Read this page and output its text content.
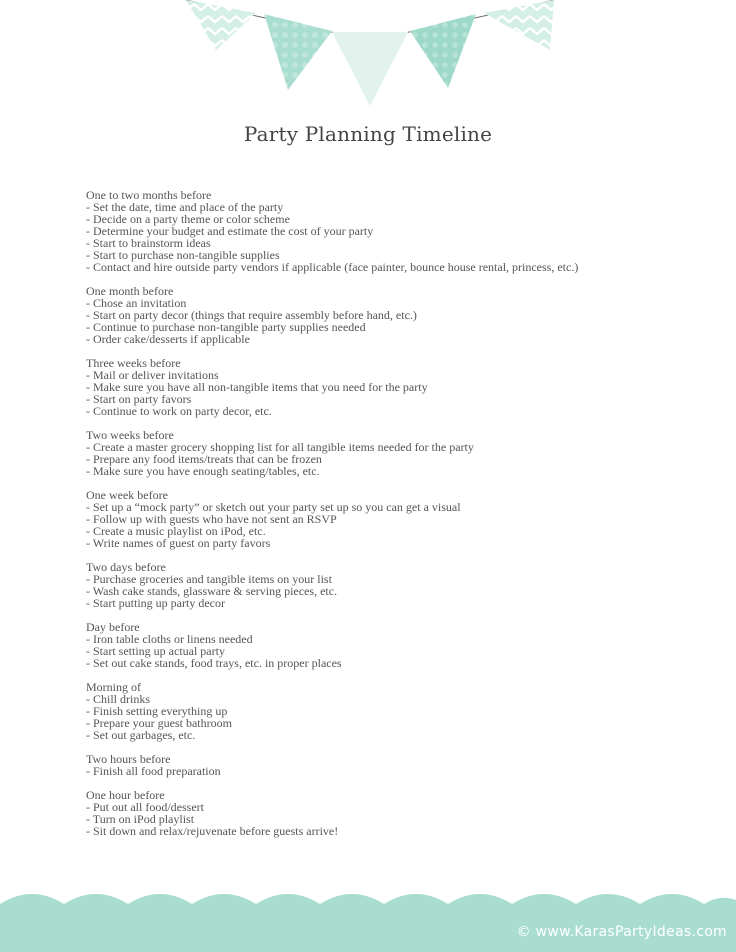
Party Planning Timeline
One to two months before
- Set the date, time and place of the party
- Decide on a party theme or color scheme
- Determine your budget and estimate the cost of your party
- Start to brainstorm ideas
- Start to purchase non-tangible supplies
- Contact and hire outside party vendors if applicable (face painter, bounce house rental, princess, etc.)
One month before
- Chose an invitation
- Start on party decor (things that require assembly before hand, etc.)
- Continue to purchase non-tangible party supplies needed
- Order cake/desserts if applicable
Three weeks before
- Mail or deliver invitations
- Make sure you have all non-tangible items that you need for the party
- Start on party favors
- Continue to work on party decor, etc.
Two weeks before
- Create a master grocery shopping list for all tangible items needed for the party
- Prepare any food items/treats that can be frozen
- Make sure you have enough seating/tables, etc.
One week before
- Set up a “mock party” or sketch out your party set up so you can get a visual
- Follow up with guests who have not sent an RSVP
- Create a music playlist on iPod, etc.
- Write names of guest on party favors
Two days before
- Purchase groceries and tangible items on your list
- Wash cake stands, glassware & serving pieces, etc.
- Start putting up party decor
Day before
- Iron table cloths or linens needed
- Start setting up actual party
- Set out cake stands, food trays, etc. in proper places
Morning of
- Chill drinks
- Finish setting everything up
- Prepare your guest bathroom
- Set out garbages, etc.
Two hours before
- Finish all food preparation
One hour before
- Put out all food/dessert
- Turn on iPod playlist
- Sit down and relax/rejuvenate before guests arrive!
© www.KarasPartyIdeas.com
